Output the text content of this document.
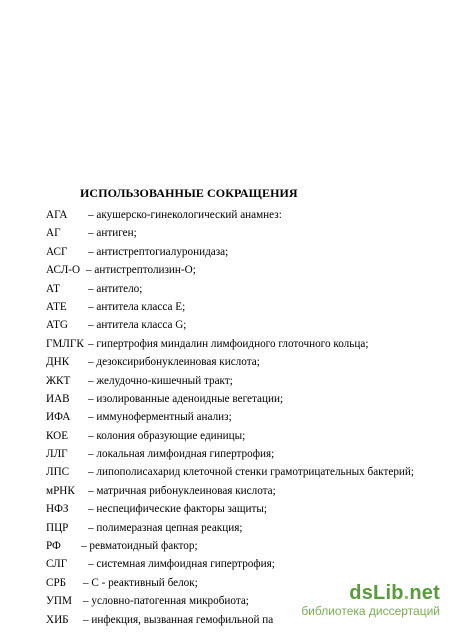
ИСПОЛЬЗОВАННЫЕ СОКРАЩЕНИЯ
АГА – акушерско-гинекологический анамнез:
АГ – антиген;
АСГ – антистрептогиалуронидаза;
АСЛ-О – антистрептолизин-О;
АТ	– антитело;
АТЕ – антитела класса Е;
АТG – антитела класса G;
ГМЛГК – гипертрофия миндалин лимфоидного глоточного кольца;
ДНК – дезоксирибонуклеиновая кислота;
ЖКТ – желудочно-кишечный тракт;
ИАВ – изолированные аденоидные вегетации;
ИФА – иммуноферментный анализ;
КОЕ – колония образующие единицы;
ЛЛГ – локальная лимфоидная гипертрофия;
ЛПС – липополисахарид клеточной стенки грамотрицательных бактерий;
мРНК – матричная рибонуклеиновая кислота;
НФЗ – неспецифические факторы защиты;
ПЦР – полимеразная цепная реакция;
РФ – ревматоидный фактор;
СЛГ – системная лимфоидная гипертрофия;
СРБ – С - реактивный белок;
УПМ – условно-патогенная микробиота;
ХИБ – инфекция, вызванная гемофильной па
dsLib.net
библиотека диссертаций
